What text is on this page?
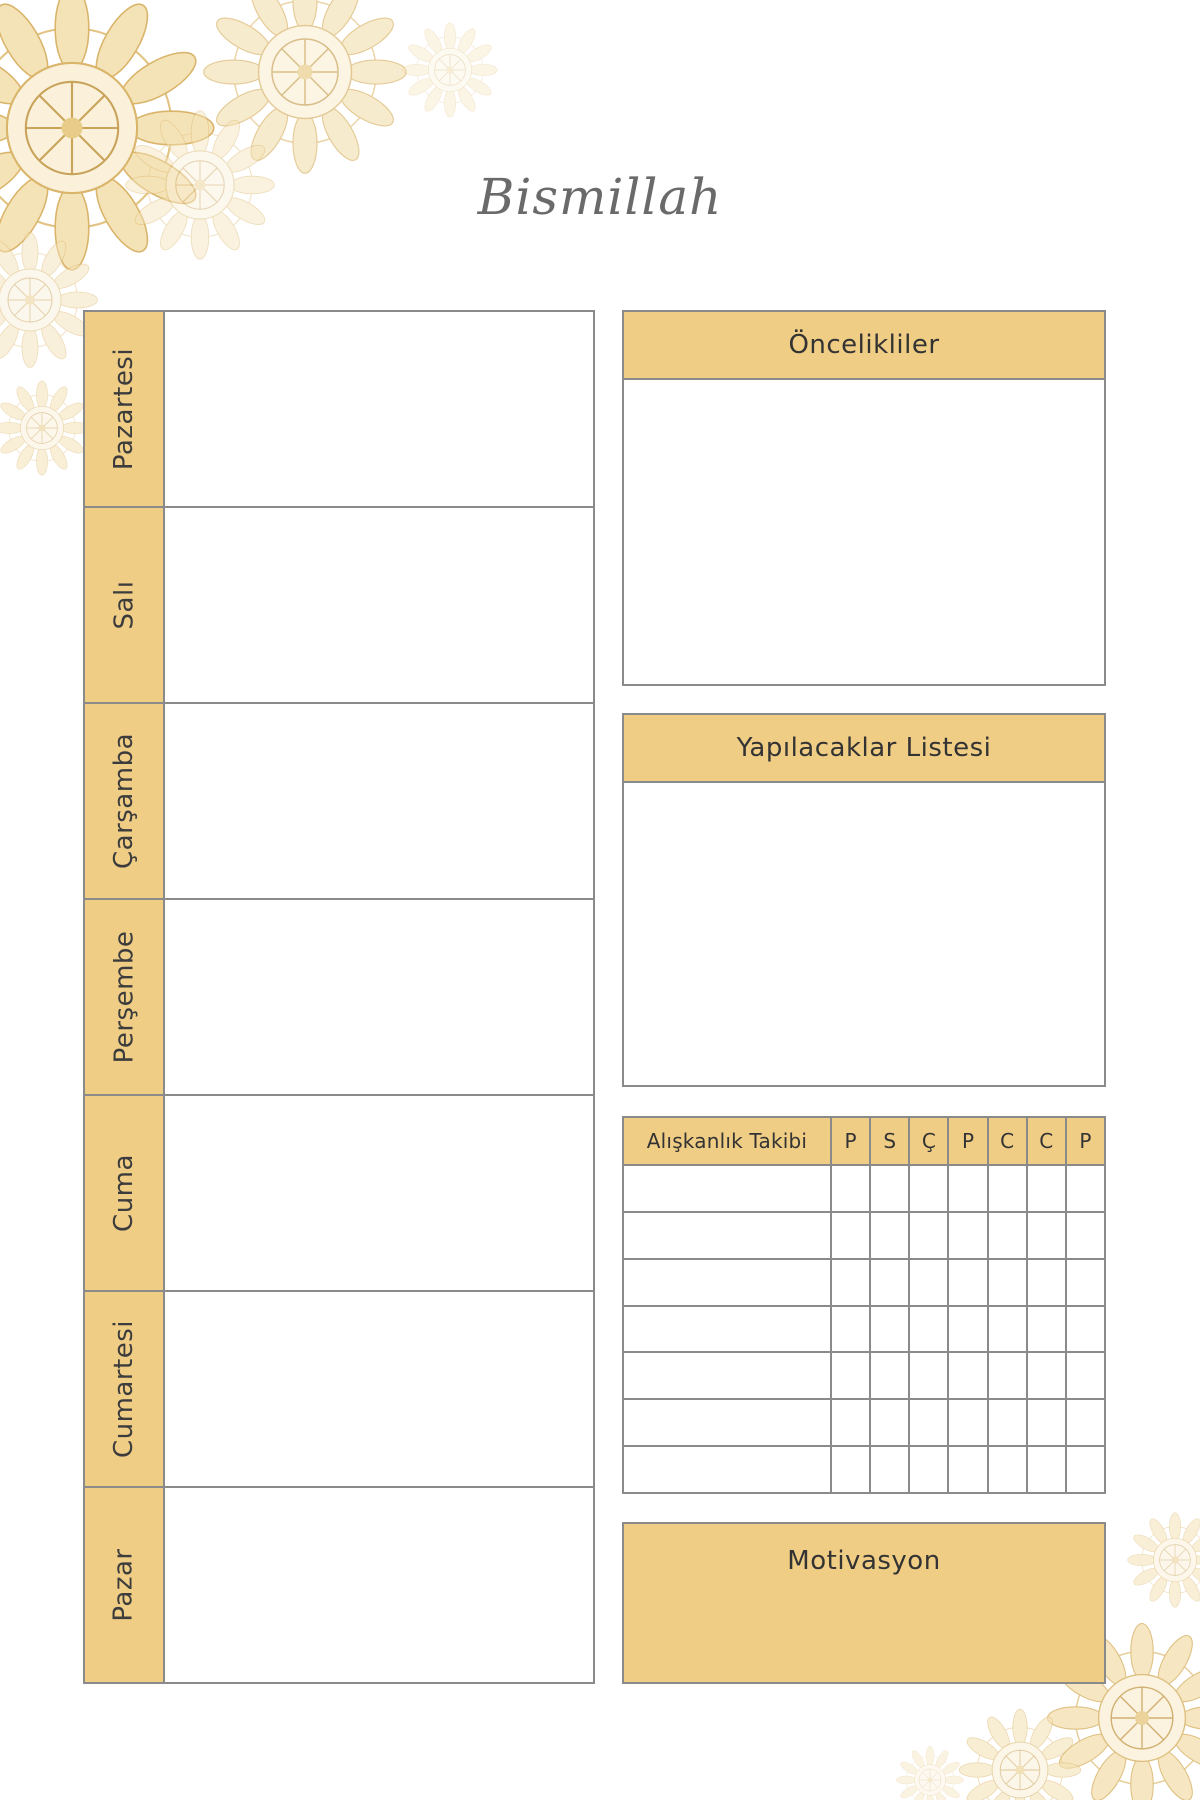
Bismillah
Pazartesi
Salı
Çarşamba
Perşembe
Cuma
Cumartesi
Pazar
Öncelikliler
Yapılacaklar Listesi
Alışkanlık Takibi	P	S	Ç	P	C	C	P

Motivasyon
